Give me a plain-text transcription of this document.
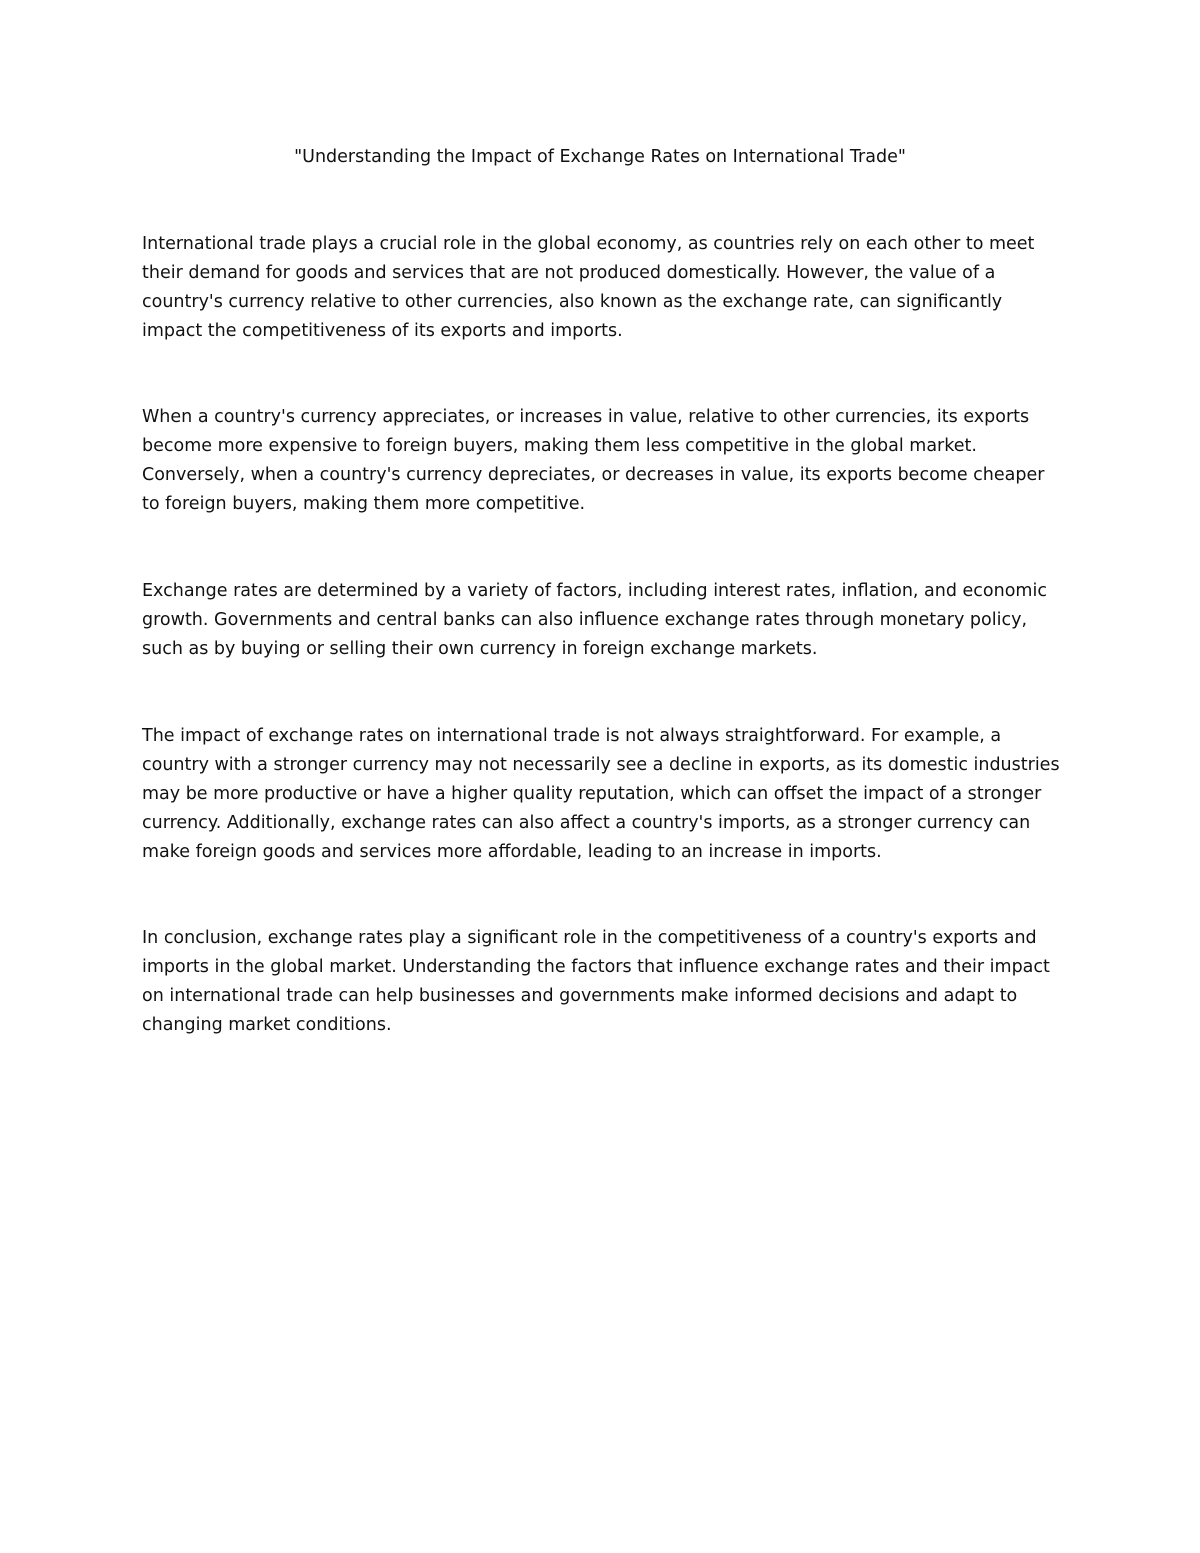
"Understanding the Impact of Exchange Rates on International Trade"

International trade plays a crucial role in the global economy, as countries rely on each other to meet their demand for goods and services that are not produced domestically. However, the value of a country's currency relative to other currencies, also known as the exchange rate, can significantly impact the competitiveness of its exports and imports.

When a country's currency appreciates, or increases in value, relative to other currencies, its exports become more expensive to foreign buyers, making them less competitive in the global market. Conversely, when a country's currency depreciates, or decreases in value, its exports become cheaper to foreign buyers, making them more competitive.

Exchange rates are determined by a variety of factors, including interest rates, inflation, and economic growth. Governments and central banks can also influence exchange rates through monetary policy, such as by buying or selling their own currency in foreign exchange markets.

The impact of exchange rates on international trade is not always straightforward. For example, a country with a stronger currency may not necessarily see a decline in exports, as its domestic industries may be more productive or have a higher quality reputation, which can offset the impact of a stronger currency. Additionally, exchange rates can also affect a country's imports, as a stronger currency can make foreign goods and services more affordable, leading to an increase in imports.

In conclusion, exchange rates play a significant role in the competitiveness of a country's exports and imports in the global market. Understanding the factors that influence exchange rates and their impact on international trade can help businesses and governments make informed decisions and adapt to changing market conditions.
